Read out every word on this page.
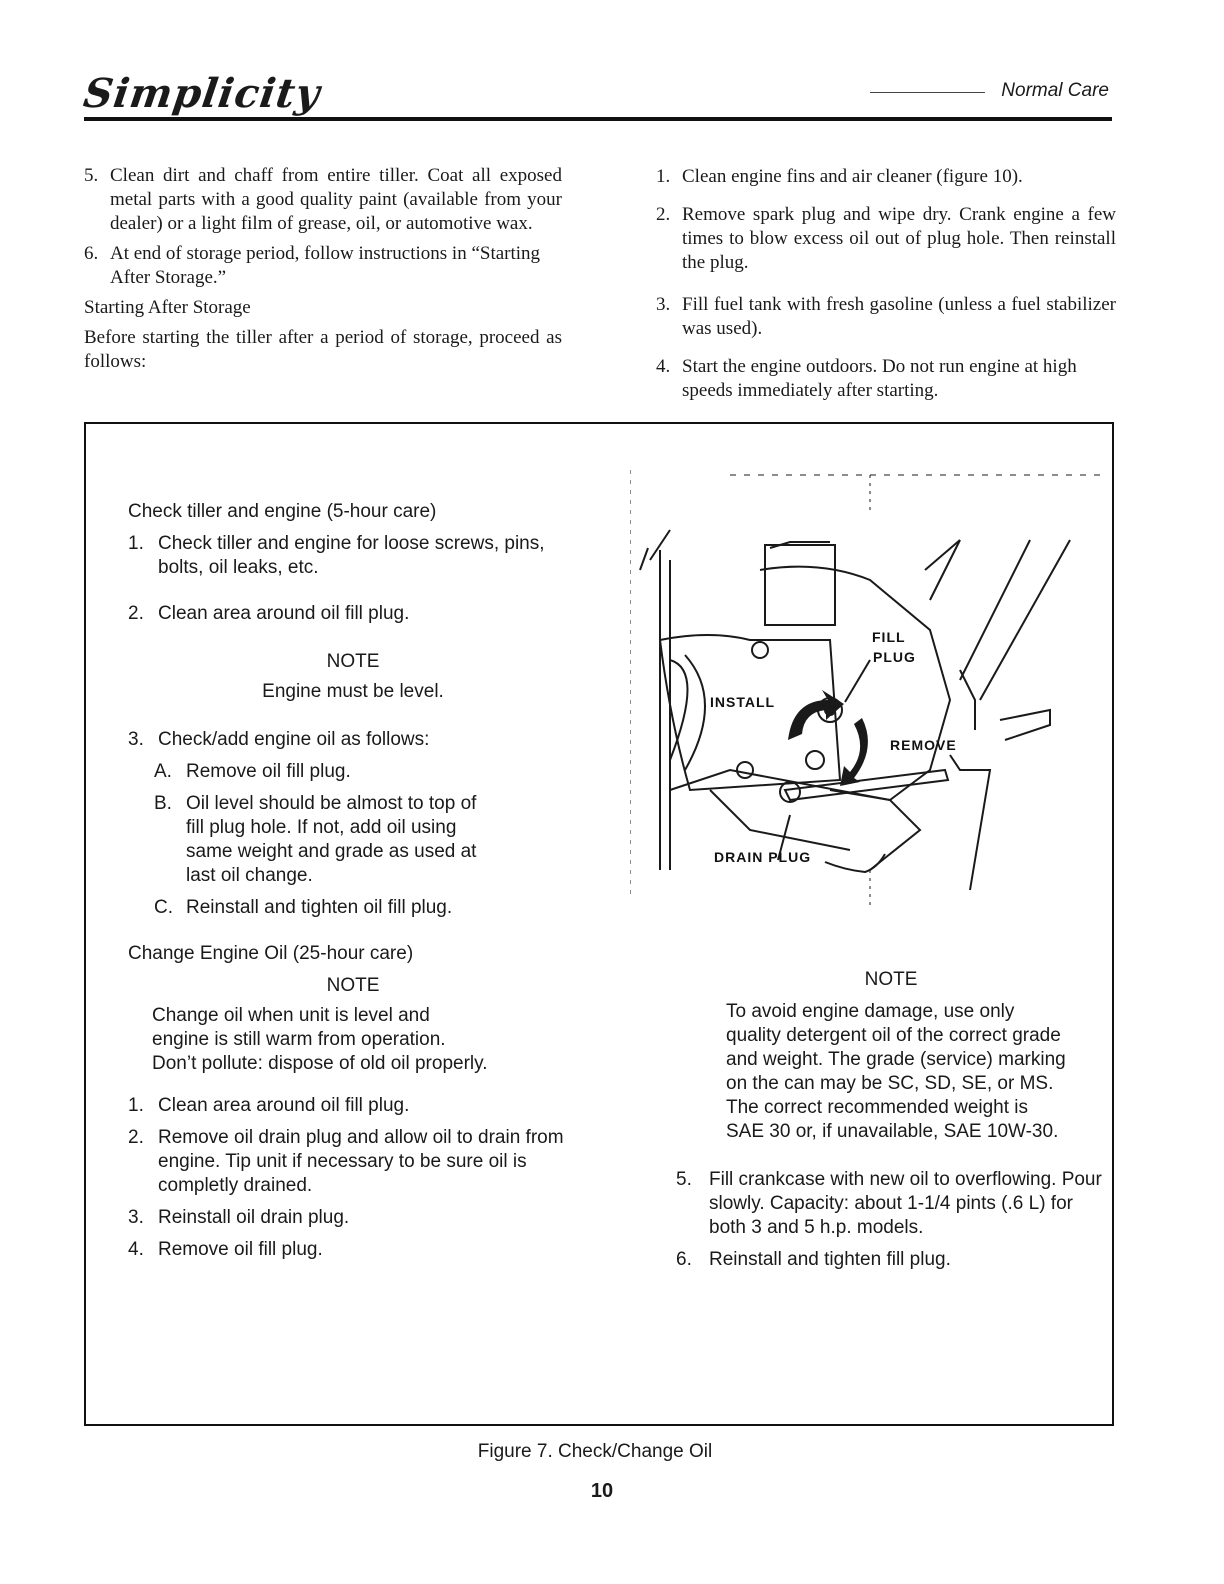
Simplicity	Normal Care
5. Clean dirt and chaff from entire tiller. Coat all exposed metal parts with a good quality paint (available from your dealer) or a light film of grease, oil, or automotive wax.
6. At end of storage period, follow instructions in “Starting After Storage.”
Starting After Storage
Before starting the tiller after a period of storage, proceed as follows:
1. Clean engine fins and air cleaner (figure 10).
2. Remove spark plug and wipe dry. Crank engine a few times to blow excess oil out of plug hole. Then reinstall the plug.
3. Fill fuel tank with fresh gasoline (unless a fuel stabilizer was used).
4. Start the engine outdoors. Do not run engine at high speeds immediately after starting.
Check tiller and engine (5-hour care)
1. Check tiller and engine for loose screws, pins, bolts, oil leaks, etc.
2. Clean area around oil fill plug.
NOTE
Engine must be level.
3. Check/add engine oil as follows:
A. Remove oil fill plug.
B. Oil level should be almost to top of fill plug hole. If not, add oil using same weight and grade as used at last oil change.
C. Reinstall and tighten oil fill plug.
Change Engine Oil (25-hour care)
NOTE
Change oil when unit is level and engine is still warm from operation. Don’t pollute: dispose of old oil properly.
1. Clean area around oil fill plug.
2. Remove oil drain plug and allow oil to drain from engine. Tip unit if necessary to be sure oil is completly drained.
3. Reinstall oil drain plug.
4. Remove oil fill plug.
FILL
PLUG
INSTALL
REMOVE
DRAIN PLUG
NOTE
To avoid engine damage, use only quality detergent oil of the correct grade and weight. The grade (service) marking on the can may be SC, SD, SE, or MS. The correct recommended weight is SAE 30 or, if unavailable, SAE 10W-30.
5. Fill crankcase with new oil to overflowing. Pour slowly. Capacity: about 1-1/4 pints (.6 L) for both 3 and 5 h.p. models.
6. Reinstall and tighten fill plug.
Figure 7. Check/Change Oil
10
